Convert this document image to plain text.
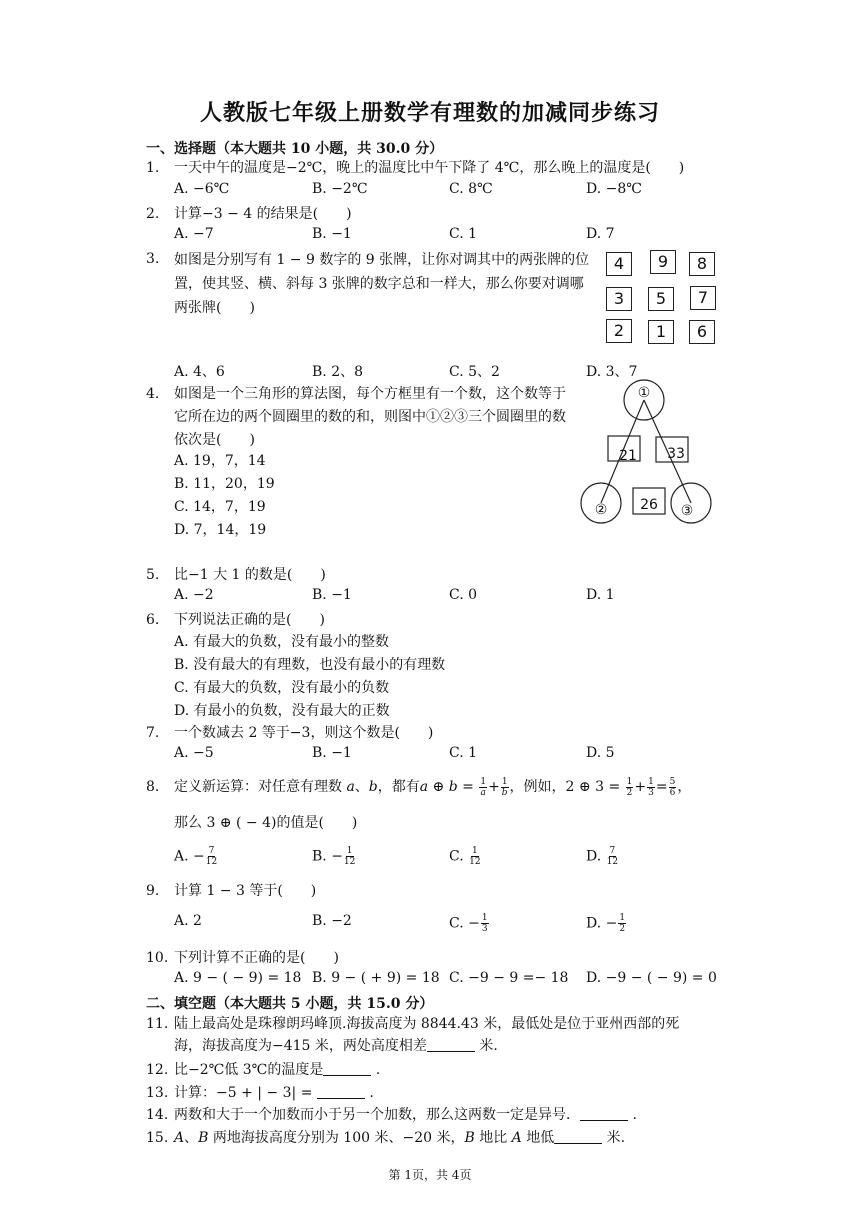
人教版七年级上册数学有理数的加减同步练习
一、选择题（本大题共 10 小题，共 30.0 分）
1.	一天中午的温度是−2℃，晚上的温度比中午下降了 4℃，那么晚上的温度是(　　)
A. −6℃	B. −2℃	C. 8℃	D. −8℃
2.	计算−3 − 4 的结果是(　　)
A. −7	B. −1	C. 1	D. 7
3.	如图是分别写有 1 − 9 数字的 9 张牌，让你对调其中的两张牌的位置，使其竖、横、斜每 3 张牌的数字总和一样大，那么你要对调哪两张牌(　　)
4	9	8
3	5	7
2	1	6
A. 4、6	B. 2、8	C. 5、2	D. 3、7
4.	如图是一个三角形的算法图，每个方框里有一个数，这个数等于它所在边的两个圆圈里的数的和，则图中①②③三个圆圈里的数依次是(　　)
A. 19，7，14
B. 11，20，19
C. 14，7，19
D. 7，14，19
①
②	③
21 33
26
5.	比−1 大 1 的数是(　　)
A. −2	B. −1	C. 0	D. 1
6.	下列说法正确的是(　　)
A. 有最大的负数，没有最小的整数
B. 没有最大的有理数，也没有最小的有理数
C. 有最大的负数，没有最小的负数
D. 有最小的负数，没有最大的正数
7.	一个数减去 2 等于−3，则这个数是(　　)
A. −5	B. −1	C. 1	D. 5
8.	定义新运算：对任意有理数 𝑎、𝑏，都有𝑎 ⊕ 𝑏 = $\frac{1}{\text{𝑎}} + \frac{1}{\text{𝑏}}$ ，例如，2 ⊕ $3 = \frac{1}{2} + \frac{1}{3} = \frac{5}{6}$ ，
那么 3 ⊕ ( − 4)的值是(　　)
A. − $\frac{7}{12}$	B. − $\frac{1}{12}$	C. $\frac{1}{12}$	D. $\frac{7}{12}$
9.	计算 1 − 3 等于(　　)
A. 2	B. −2	C. − $\frac{1}{3}$	D. − $\frac{1}{2}$
10. 下列计算不正确的是(　　)
A. 9 − ( − 9) = 18 B. 9 − ( + 9) = 18 C. −9 − 9 =− 18 D. −9 − ( − 9) = 0
二、填空题（本大题共 5 小题，共 15.0 分）
11. 陆上最高处是珠穆朗玛峰顶.海拔高度为 8844.43 米，最低处是位于亚州西部的死
海，海拔高度为−415 米，两处高度相差	米.
12. 比−2℃低 3℃的温度是	.
13. 计算：−5 + | − 3| =	.
14. 两数和大于一个加数而小于另一个加数，那么这两数一定是异号．	.
15. 𝐴、𝐵 两地海拔高度分别为 100 米、−20 米，𝐵 地比 𝐴 地低	米.
第 1页，共 4页
